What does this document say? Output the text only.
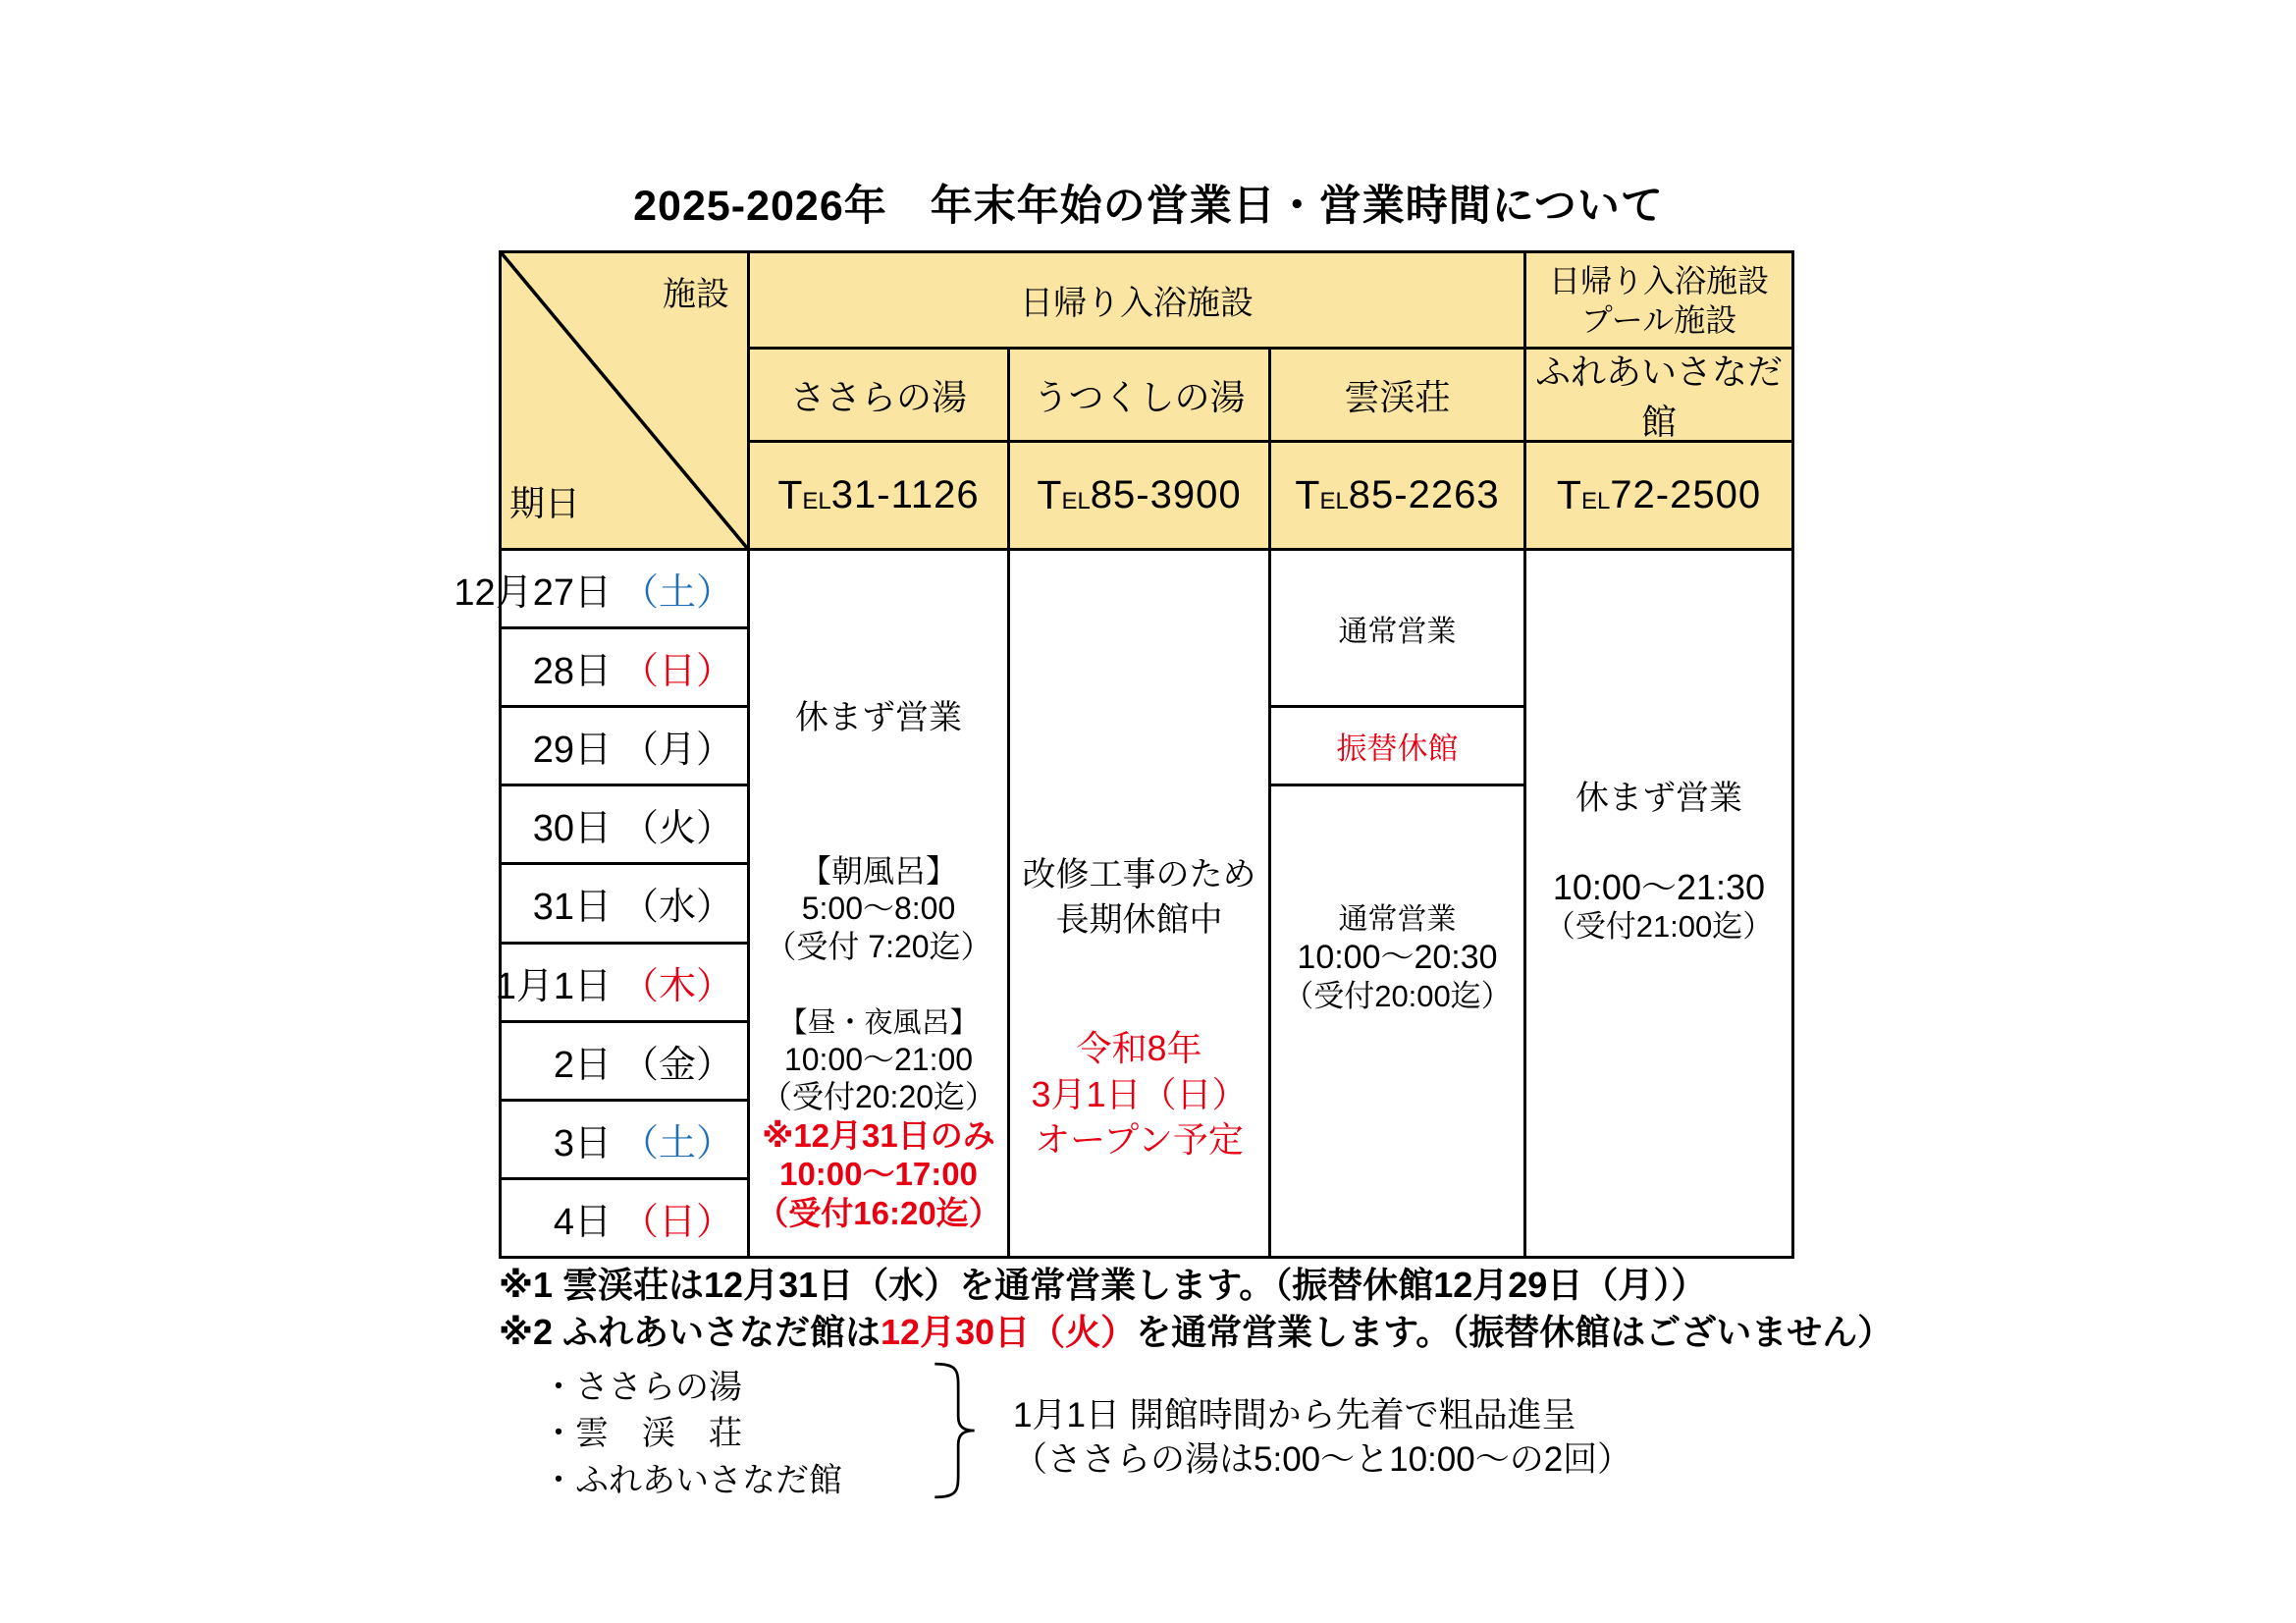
2025-2026年　年末年始の営業日・営業時間について
施設
期日
日帰り入浴施設
日帰り入浴施設
プール施設
ささらの湯	うつくしの湯	雲渓荘
ふれあいさなだ館
TEL 31-1126 TEL 85-3900 TEL 85-2263 TEL 72-2500
12月 27日 （土）
28日 （日）
29日 （月）
30日 （火）
31日 （水）
1月 1日 （木）
2日 （金）
3日 （土）
4日 （日）
休まず営業
【朝風呂】
5:00～8:00
（受付 7:20迄）
【昼・夜風呂】
10:00～21:00
（受付20:20迄）
※12月31日のみ
10:00～17:00
（受付16:20迄）
改修工事のため
長期休館中
令和8年
3月1日（日）
オープン予定
通常営業
振替休館
通常営業
10:00～20:30
（受付20:00迄）
休まず営業
10:00～21:30
（受付21:00迄）
※1 雲渓荘は12月31日（水）を通常営業します。（振替休館12月29日（月））
※2 ふれあいさなだ館は12月30日（火）を通常営業します。（振替休館はございません）
・ささらの湯
・雲　渓　荘
・ふれあいさなだ館
1月1日 開館時間から先着で粗品進呈
（ささらの湯は5:00～と10:00～の2回）
